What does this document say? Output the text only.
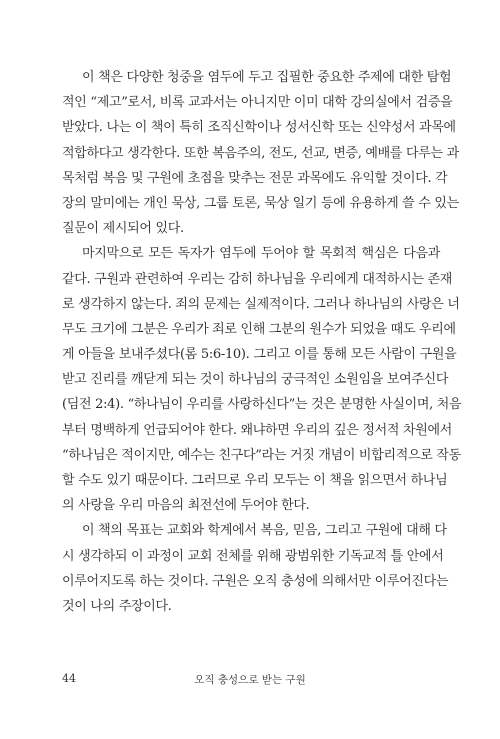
이 책은 다양한 청중을 염두에 두고 집필한 중요한 주제에 대한 탐험
적인 “제고”로서, 비록 교과서는 아니지만 이미 대학 강의실에서 검증을
받았다. 나는 이 책이 특히 조직신학이나 성서신학 또는 신약성서 과목에
적합하다고 생각한다. 또한 복음주의, 전도, 선교, 변증, 예배를 다루는 과
목처럼 복음 및 구원에 초점을 맞추는 전문 과목에도 유익할 것이다. 각
장의 말미에는 개인 묵상, 그룹 토론, 묵상 일기 등에 유용하게 쓸 수 있는
질문이 제시되어 있다.
마지막으로 모든 독자가 염두에 두어야 할 목회적 핵심은 다음과
같다. 구원과 관련하여 우리는 감히 하나님을 우리에게 대적하시는 존재
로 생각하지 않는다. 죄의 문제는 실제적이다. 그러나 하나님의 사랑은 너
무도 크기에 그분은 우리가 죄로 인해 그분의 원수가 되었을 때도 우리에
게 아들을 보내주셨다(롬 5:6-10). 그리고 이를 통해 모든 사람이 구원을
받고 진리를 깨닫게 되는 것이 하나님의 궁극적인 소원임을 보여주신다
(딤전 2:4). “하나님이 우리를 사랑하신다”는 것은 분명한 사실이며, 처음
부터 명백하게 언급되어야 한다. 왜냐하면 우리의 깊은 정서적 차원에서
“하나님은 적이지만, 예수는 친구다”라는 거짓 개념이 비합리적으로 작동
할 수도 있기 때문이다. 그러므로 우리 모두는 이 책을 읽으면서 하나님
의 사랑을 우리 마음의 최전선에 두어야 한다.
이 책의 목표는 교회와 학계에서 복음, 믿음, 그리고 구원에 대해 다
시 생각하되 이 과정이 교회 전체를 위해 광범위한 기독교적 틀 안에서
이루어지도록 하는 것이다. 구원은 오직 충성에 의해서만 이루어진다는
것이 나의 주장이다.
44	오직 충성으로 받는 구원
